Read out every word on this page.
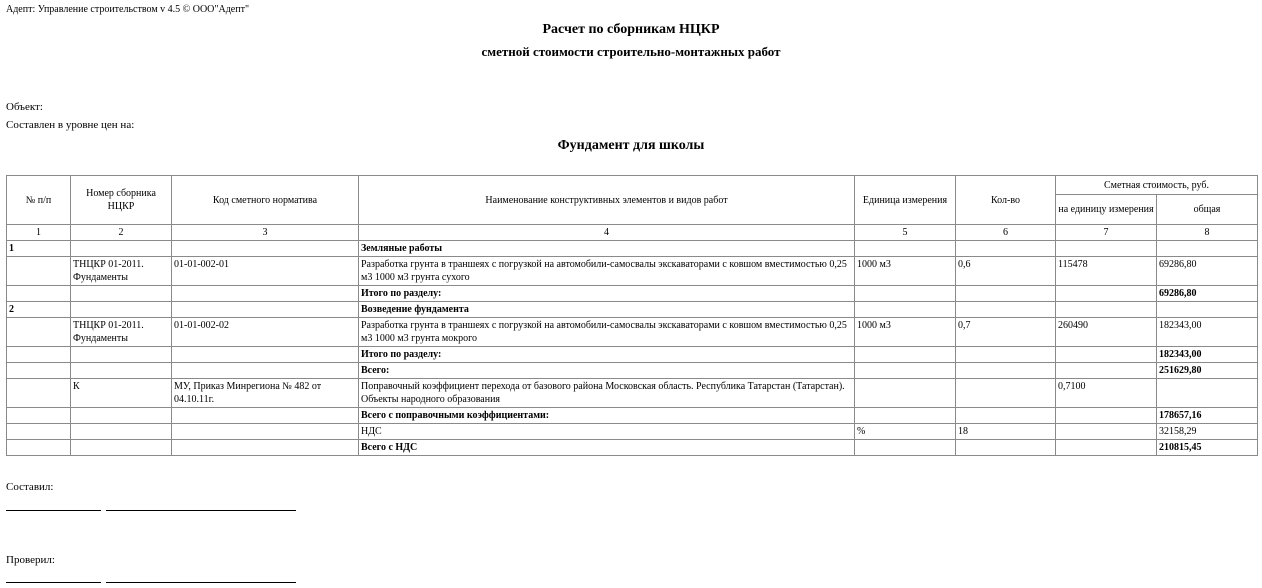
Адепт: Управление строительством v 4.5 © ООО"Адепт"
Расчет по сборникам НЦКР
сметной стоимости строительно-монтажных работ
Объект:
Составлен в уровне цен на:
Фундамент для школы
№ п/п	Номер сборника НЦКР	Код сметного норматива	Наименование конструктивных элементов и видов работ	Единица измерения	Кол-во	Сметная стоимость, руб.	
						на единицу измерения	общая
1	2	3	4	5	6	7	8
1			Земляные работы				
	ТНЦКР 01-2011. Фундаменты	01-01-002-01	Разработка грунта в траншеях с погрузкой на автомобили-самосвалы экскаваторами с ковшом вместимостью 0,25 м3 1000 м3 грунта сухого	1000 м3	0,6	115478	69286,80
			Итого по разделу:				69286,80
2			Возведение фундамента				
	ТНЦКР 01-2011. Фундаменты	01-01-002-02	Разработка грунта в траншеях с погрузкой на автомобили-самосвалы экскаваторами с ковшом вместимостью 0,25 м3 1000 м3 грунта мокрого	1000 м3	0,7	260490	182343,00
			Итого по разделу:				182343,00
			Всего:				251629,80
	К	МУ, Приказ Минрегиона № 482 от 04.10.11г.	Поправочный коэффициент перехода от базового района Московская область. Республика Татарстан (Татарстан). Объекты народного образования			0,7100	
			Всего с поправочными коэффициентами:				178657,16
			НДС	%	18		32158,29
			Всего с НДС				210815,45
Составил:
Проверил:
